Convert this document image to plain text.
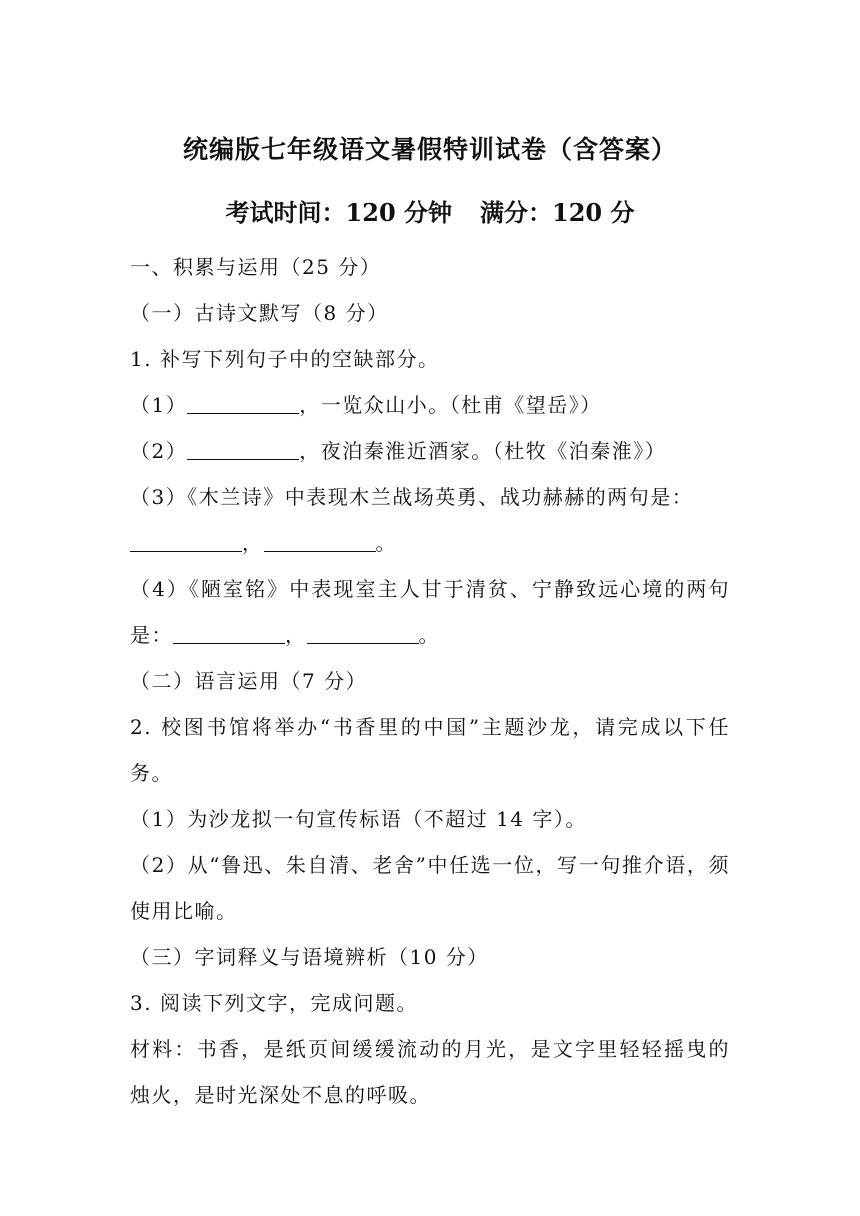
统编版七年级语文暑假特训试卷（含答案）
考试时间：120 分钟 满分：120 分
一、积累与运用（25 分）
（一）古诗文默写（8 分）
1. 补写下列句子中的空缺部分。
（1）	，一览众山小。（杜甫《望岳》）
（2）	，夜泊秦淮近酒家。（杜牧《泊秦淮》）
（3）《木兰诗》中表现木兰战场英勇、战功赫赫的两句是：
，	。
（4）《陋室铭》中表现室主人甘于清贫、宁静致远心境的两句是：	，	。
（二）语言运用（7 分）
2. 校图书馆将举办“书香里的中国”主题沙龙，请完成以下任务。
（1）为沙龙拟一句宣传标语（不超过 14 字）。
（2）从“鲁迅、朱自清、老舍”中任选一位，写一句推介语，须使用比喻。
（三）字词释义与语境辨析（10 分）
3. 阅读下列文字，完成问题。
材料：书香，是纸页间缓缓流动的月光，是文字里轻轻摇曳的烛火，是时光深处不息的呼吸。
